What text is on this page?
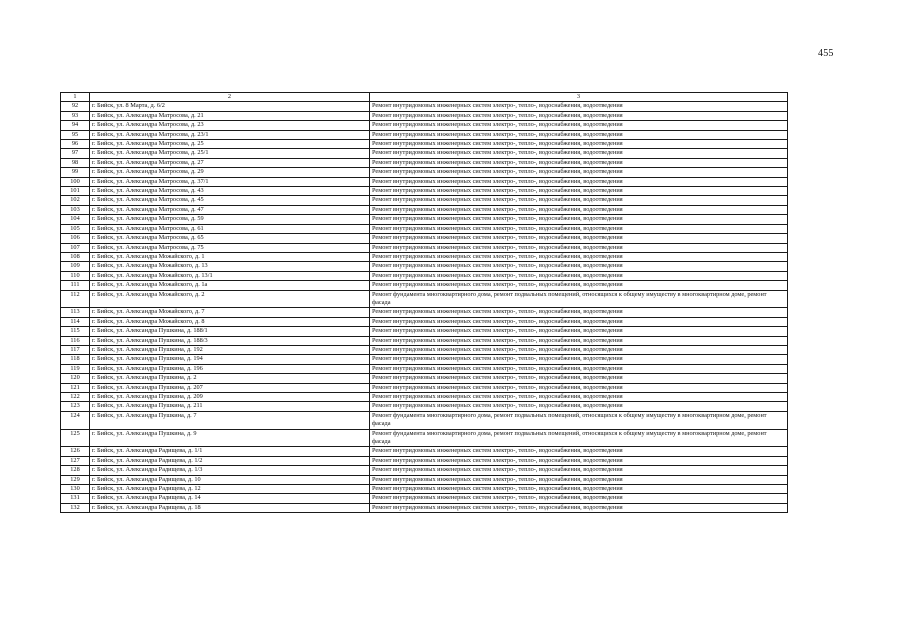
455
1	2	3
92	г. Бийск, ул. 8 Марта, д. 6/2	Ремонт внутридомовых инженерных систем электро-, тепло-, водоснабжения, водоотведения
93	г. Бийск, ул. Александра Матросова, д. 21	Ремонт внутридомовых инженерных систем электро-, тепло-, водоснабжения, водоотведения
94	г. Бийск, ул. Александра Матросова, д. 23	Ремонт внутридомовых инженерных систем электро-, тепло-, водоснабжения, водоотведения
95	г. Бийск, ул. Александра Матросова, д. 23/1	Ремонт внутридомовых инженерных систем электро-, тепло-, водоснабжения, водоотведения
96	г. Бийск, ул. Александра Матросова, д. 25	Ремонт внутридомовых инженерных систем электро-, тепло-, водоснабжения, водоотведения
97	г. Бийск, ул. Александра Матросова, д. 25/1	Ремонт внутридомовых инженерных систем электро-, тепло-, водоснабжения, водоотведения
98	г. Бийск, ул. Александра Матросова, д. 27	Ремонт внутридомовых инженерных систем электро-, тепло-, водоснабжения, водоотведения
99	г. Бийск, ул. Александра Матросова, д. 29	Ремонт внутридомовых инженерных систем электро-, тепло-, водоснабжения, водоотведения
100	г. Бийск, ул. Александра Матросова, д. 37/1	Ремонт внутридомовых инженерных систем электро-, тепло-, водоснабжения, водоотведения
101	г. Бийск, ул. Александра Матросова, д. 43	Ремонт внутридомовых инженерных систем электро-, тепло-, водоснабжения, водоотведения
102	г. Бийск, ул. Александра Матросова, д. 45	Ремонт внутридомовых инженерных систем электро-, тепло-, водоснабжения, водоотведения
103	г. Бийск, ул. Александра Матросова, д. 47	Ремонт внутридомовых инженерных систем электро-, тепло-, водоснабжения, водоотведения
104	г. Бийск, ул. Александра Матросова, д. 59	Ремонт внутридомовых инженерных систем электро-, тепло-, водоснабжения, водоотведения
105	г. Бийск, ул. Александра Матросова, д. 61	Ремонт внутридомовых инженерных систем электро-, тепло-, водоснабжения, водоотведения
106	г. Бийск, ул. Александра Матросова, д. 65	Ремонт внутридомовых инженерных систем электро-, тепло-, водоснабжения, водоотведения
107	г. Бийск, ул. Александра Матросова, д. 75	Ремонт внутридомовых инженерных систем электро-, тепло-, водоснабжения, водоотведения
108	г. Бийск, ул. Александра Можайского, д. 1	Ремонт внутридомовых инженерных систем электро-, тепло-, водоснабжения, водоотведения
109	г. Бийск, ул. Александра Можайского, д. 13	Ремонт внутридомовых инженерных систем электро-, тепло-, водоснабжения, водоотведения
110	г. Бийск, ул. Александра Можайского, д. 13/1	Ремонт внутридомовых инженерных систем электро-, тепло-, водоснабжения, водоотведения
111	г. Бийск, ул. Александра Можайского, д. 1а	Ремонт внутридомовых инженерных систем электро-, тепло-, водоснабжения, водоотведения
112	г. Бийск, ул. Александра Можайского, д. 2	Ремонт фундамента многоквартирного дома, ремонт подвальных помещений, относящихся к общему имуществу в многоквартирном доме, ремонт фасада
113	г. Бийск, ул. Александра Можайского, д. 7	Ремонт внутридомовых инженерных систем электро-, тепло-, водоснабжения, водоотведения
114	г. Бийск, ул. Александра Можайского, д. 8	Ремонт внутридомовых инженерных систем электро-, тепло-, водоснабжения, водоотведения
115	г. Бийск, ул. Александра Пушкина, д. 188/1	Ремонт внутридомовых инженерных систем электро-, тепло-, водоснабжения, водоотведения
116	г. Бийск, ул. Александра Пушкина, д. 188/3	Ремонт внутридомовых инженерных систем электро-, тепло-, водоснабжения, водоотведения
117	г. Бийск, ул. Александра Пушкина, д. 192	Ремонт внутридомовых инженерных систем электро-, тепло-, водоснабжения, водоотведения
118	г. Бийск, ул. Александра Пушкина, д. 194	Ремонт внутридомовых инженерных систем электро-, тепло-, водоснабжения, водоотведения
119	г. Бийск, ул. Александра Пушкина, д. 196	Ремонт внутридомовых инженерных систем электро-, тепло-, водоснабжения, водоотведения
120	г. Бийск, ул. Александра Пушкина, д. 2	Ремонт внутридомовых инженерных систем электро-, тепло-, водоснабжения, водоотведения
121	г. Бийск, ул. Александра Пушкина, д. 207	Ремонт внутридомовых инженерных систем электро-, тепло-, водоснабжения, водоотведения
122	г. Бийск, ул. Александра Пушкина, д. 209	Ремонт внутридомовых инженерных систем электро-, тепло-, водоснабжения, водоотведения
123	г. Бийск, ул. Александра Пушкина, д. 211	Ремонт внутридомовых инженерных систем электро-, тепло-, водоснабжения, водоотведения
124	г. Бийск, ул. Александра Пушкина, д. 7	Ремонт фундамента многоквартирного дома, ремонт подвальных помещений, относящихся к общему имуществу в многоквартирном доме, ремонт фасада
125	г. Бийск, ул. Александра Пушкина, д. 9	Ремонт фундамента многоквартирного дома, ремонт подвальных помещений, относящихся к общему имуществу в многоквартирном доме, ремонт фасада
126	г. Бийск, ул. Александра Радищева, д. 1/1	Ремонт внутридомовых инженерных систем электро-, тепло-, водоснабжения, водоотведения
127	г. Бийск, ул. Александра Радищева, д. 1/2	Ремонт внутридомовых инженерных систем электро-, тепло-, водоснабжения, водоотведения
128	г. Бийск, ул. Александра Радищева, д. 1/3	Ремонт внутридомовых инженерных систем электро-, тепло-, водоснабжения, водоотведения
129	г. Бийск, ул. Александра Радищева, д. 10	Ремонт внутридомовых инженерных систем электро-, тепло-, водоснабжения, водоотведения
130	г. Бийск, ул. Александра Радищева, д. 12	Ремонт внутридомовых инженерных систем электро-, тепло-, водоснабжения, водоотведения
131	г. Бийск, ул. Александра Радищева, д. 14	Ремонт внутридомовых инженерных систем электро-, тепло-, водоснабжения, водоотведения
132	г. Бийск, ул. Александра Радищева, д. 18	Ремонт внутридомовых инженерных систем электро-, тепло-, водоснабжения, водоотведения
